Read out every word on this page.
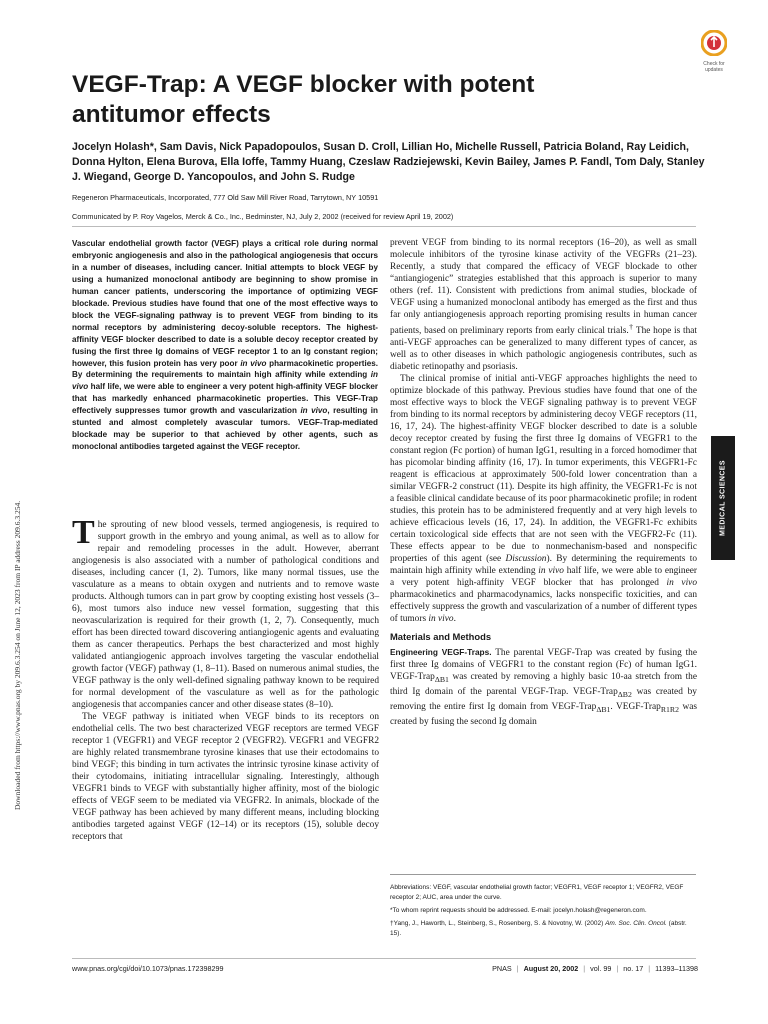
Check for
updates
VEGF-Trap: A VEGF blocker with potent antitumor effects
Jocelyn Holash*, Sam Davis, Nick Papadopoulos, Susan D. Croll, Lillian Ho, Michelle Russell, Patricia Boland, Ray Leidich, Donna Hylton, Elena Burova, Ella Ioffe, Tammy Huang, Czeslaw Radziejewski, Kevin Bailey, James P. Fandl, Tom Daly, Stanley J. Wiegand, George D. Yancopoulos, and John S. Rudge
Regeneron Pharmaceuticals, Incorporated, 777 Old Saw Mill River Road, Tarrytown, NY 10591
Communicated by P. Roy Vagelos, Merck & Co., Inc., Bedminster, NJ, July 2, 2002 (received for review April 19, 2002)
Vascular endothelial growth factor (VEGF) plays a critical role during normal embryonic angiogenesis and also in the pathological angiogenesis that occurs in a number of diseases, including cancer. Initial attempts to block VEGF by using a humanized monoclonal antibody are beginning to show promise in human cancer patients, underscoring the importance of optimizing VEGF blockade. Previous studies have found that one of the most effective ways to block the VEGF-signaling pathway is to prevent VEGF from binding to its normal receptors by administering decoy-soluble receptors. The highest-affinity VEGF blocker described to date is a soluble decoy receptor created by fusing the first three Ig domains of VEGF receptor 1 to an Ig constant region; however, this fusion protein has very poor in vivo pharmacokinetic properties. By determining the requirements to maintain high affinity while extending in vivo half life, we were able to engineer a very potent high-affinity VEGF blocker that has markedly enhanced pharmacokinetic properties. This VEGF-Trap effectively suppresses tumor growth and vascularization in vivo, resulting in stunted and almost completely avascular tumors. VEGF-Trap-mediated blockade may be superior to that achieved by other agents, such as monoclonal antibodies targeted against the VEGF receptor.

The sprouting of new blood vessels, termed angiogenesis, is required to support growth in the embryo and young animal, as well as to allow for repair and remodeling processes in the adult. However, aberrant angiogenesis is also associated with a number of pathological conditions and diseases, including cancer (1, 2). Tumors, like many normal tissues, use the vasculature as a means to obtain oxygen and nutrients and to remove waste products. Although tumors can in part grow by coopting existing host vessels (3–6), most tumors also induce new vessel formation, suggesting that this neovascularization is required for their growth (1, 2, 7). Consequently, much effort has been directed toward discovering antiangiogenic agents and evaluating them as cancer therapeutics. Perhaps the best characterized and most highly validated antiangiogenic approach involves targeting the vascular endothelial growth factor (VEGF) pathway (1, 8–11). Based on numerous animal studies, the VEGF pathway is the only well-defined signaling pathway known to be required for normal development of the vasculature as well as for the pathologic angiogenesis that accompanies cancer and other disease states (8–10).

The VEGF pathway is initiated when VEGF binds to its receptors on endothelial cells. The two best characterized VEGF receptors are termed VEGF receptor 1 (VEGFR1) and VEGF receptor 2 (VEGFR2). VEGFR1 and VEGFR2 are highly related transmembrane tyrosine kinases that use their ectodomains to bind VEGF; this binding in turn activates the intrinsic tyrosine kinase activity of their cytodomains, initiating intracellular signaling. Interestingly, although VEGFR1 binds to VEGF with substantially higher affinity, most of the biologic effects of VEGF seem to be mediated via VEGFR2. In animals, blockade of the VEGF pathway has been achieved by many different means, including blocking antibodies targeted against VEGF (12–14) or its receptors (15), soluble decoy receptors that

prevent VEGF from binding to its normal receptors (16–20), as well as small molecule inhibitors of the tyrosine kinase activity of the VEGFRs (21–23). Recently, a study that compared the efficacy of VEGF blockade to other “antiangiogenic” strategies established that this approach is superior to many others (ref. 11). Consistent with predictions from animal studies, blockade of VEGF using a humanized monoclonal antibody has emerged as the first and thus far only antiangiogenesis approach reporting promising results in human cancer patients, based on preliminary reports from early clinical trials.† The hope is that anti-VEGF approaches can be generalized to many different types of cancer, as well as to other diseases in which pathologic angiogenesis contributes, such as diabetic retinopathy and psoriasis.

The clinical promise of initial anti-VEGF approaches highlights the need to optimize blockade of this pathway. Previous studies have found that one of the most effective ways to block the VEGF signaling pathway is to prevent VEGF from binding to its normal receptors by administering decoy VEGF receptors (11, 16, 17, 24). The highest-affinity VEGF blocker described to date is a soluble decoy receptor created by fusing the first three Ig domains of VEGFR1 to the constant region (Fc portion) of human IgG1, resulting in a forced homodimer that has picomolar binding affinity (16, 17). In tumor experiments, this VEGFR1-Fc reagent is efficacious at approximately 500-fold lower concentration than a similar VEGFR-2 construct (11). Despite its high affinity, the VEGFR1-Fc is not a feasible clinical candidate because of its poor pharmacokinetic profile; in rodent studies, this protein has to be administered frequently and at very high levels to achieve efficacious levels (16, 17, 24). In addition, the VEGFR1-Fc exhibits certain toxicological side effects that are not seen with the VEGFR2-Fc (11). These effects appear to be due to nonmechanism-based and nonspecific properties of this agent (see Discussion). By determining the requirements to maintain high affinity while extending in vivo half life, we were able to engineer a very potent high-affinity VEGF blocker that has prolonged in vivo pharmacokinetics and pharmacodynamics, lacks nonspecific toxicities, and can effectively suppress the growth and vascularization of a number of different types of tumors in vivo.

Materials and Methods

Engineering VEGF-Traps. The parental VEGF-Trap was created by fusing the first three Ig domains of VEGFR1 to the constant region (Fc) of human IgG1. VEGF-Trap$_{\Delta B1}$ was created by removing a highly basic 10-aa stretch from the third Ig domain of the parental VEGF-Trap. VEGF-Trap$_{\Delta B2}$ was created by removing the entire first Ig domain from VEGF-Trap$_{\Delta B1}$. VEGF-Trap$_{R1R2}$ was created by fusing the second Ig domain

Abbreviations: VEGF, vascular endothelial growth factor; VEGFR1, VEGF receptor 1; VEGFR2, VEGF receptor 2; AUC, area under the curve.
*To whom reprint requests should be addressed. E-mail: jocelyn.holash@regeneron.com.
†Yang, J., Haworth, L., Steinberg, S., Rosenberg, S. & Novotny, W. (2002) Am. Soc. Clin. Oncol. (abstr. 15).
www.pnas.org/cgi/doi/10.1073/pnas.172398299	PNAS | August 20, 2002 | vol. 99 | no. 17 | 11393–11398
MEDICAL SCIENCES
Downloaded from https://www.pnas.org by 209.6.3.254 on June 12, 2023 from IP address 209.6.3.254.
